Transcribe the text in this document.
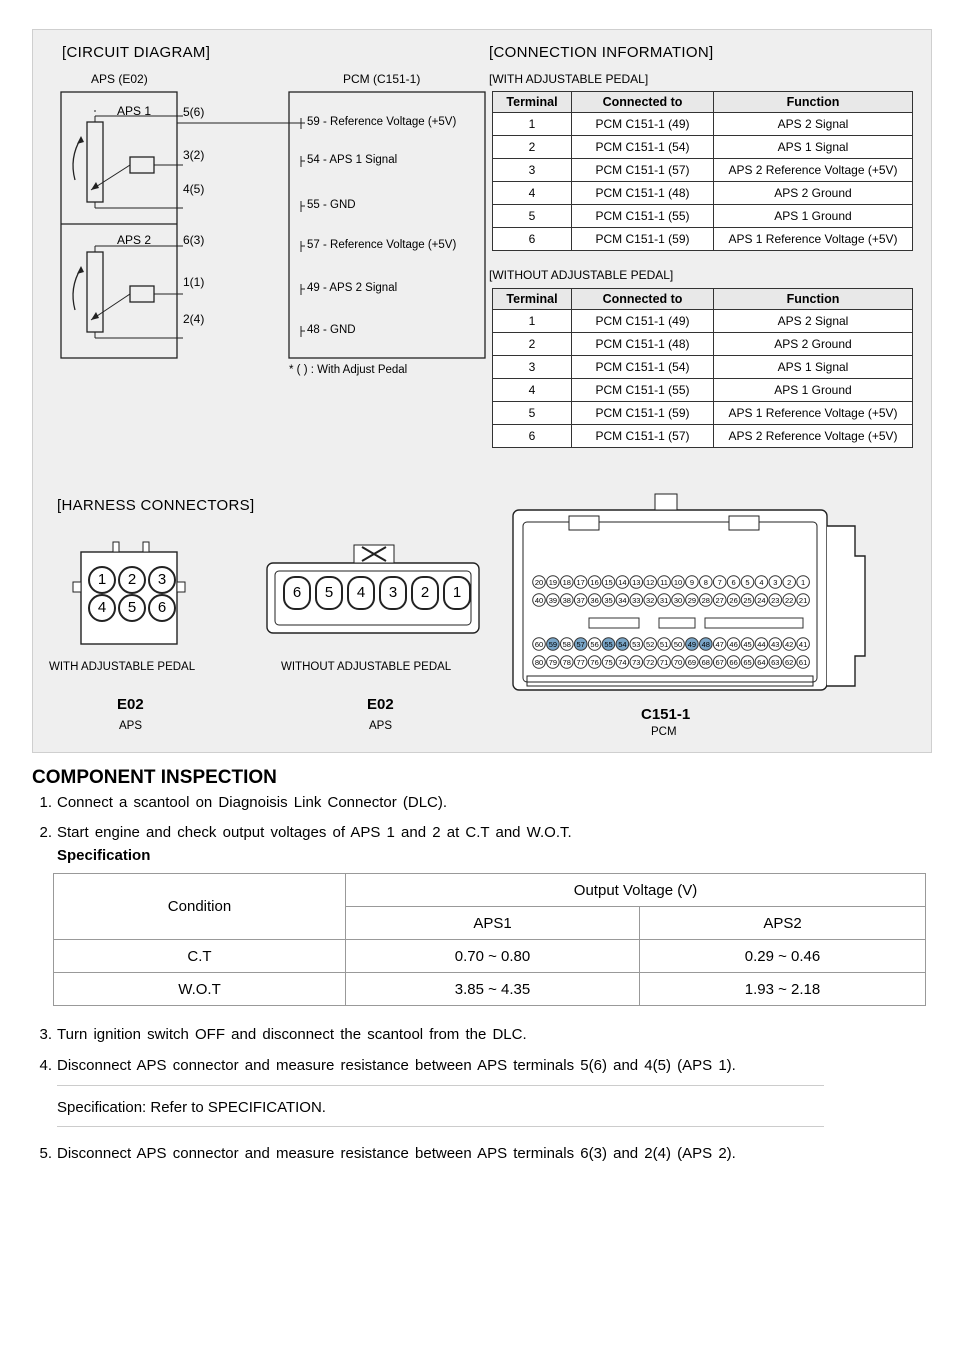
[CIRCUIT DIAGRAM]
APS (E02)	PCM (C151-1)
APS 1
APS 2
5(6)
3(2)
4(5)
6(3)
1(1)
2(4)
59 - Reference Voltage (+5V)
54 - APS 1 Signal
55 - GND
57 - Reference Voltage (+5V)
49 - APS 2 Signal
48 - GND
* ( ) : With Adjust Pedal
[CONNECTION INFORMATION]
[WITH ADJUSTABLE PEDAL]
Terminal	Connected to	Function
1	PCM C151-1 (49)	APS 2 Signal
2	PCM C151-1 (54)	APS 1 Signal
3	PCM C151-1 (57)	APS 2 Reference Voltage (+5V)
4	PCM C151-1 (48)	APS 2 Ground
5	PCM C151-1 (55)	APS 1 Ground
6	PCM C151-1 (59)	APS 1 Reference Voltage (+5V)
[WITHOUT ADJUSTABLE PEDAL]
Terminal	Connected to	Function
1	PCM C151-1 (49)	APS 2 Signal
2	PCM C151-1 (48)	APS 2 Ground
3	PCM C151-1 (54)	APS 1 Signal
4	PCM C151-1 (55)	APS 1 Ground
5	PCM C151-1 (59)	APS 1 Reference Voltage (+5V)
6	PCM C151-1 (57)	APS 2 Reference Voltage (+5V)
[HARNESS CONNECTORS]
1	2	3
4	5	6
6	5	4	3	2	1
WITH ADJUSTABLE PEDAL	WITHOUT ADJUSTABLE PEDAL
E02
APS
E02
APS
20 19 18 17 16 15 14 13 12 11 10 9 8 7 6 5 4 3 2 1
40 39 38 37 36 35 34 33 32 31 30 29 28 27 26 25 24 23 22 21
60 59 58 57 56 55 54 53 52 51 50 49 48 47 46 45 44 43 42 41
80 79 78 77 76 75 74 73 72 71 70 69 68 67 66 65 64 63 62 61
C151-1
PCM
COMPONENT INSPECTION
1. Connect a scantool on Diagnoisis Link Connector (DLC).
2. Start engine and check output voltages of APS 1 and 2 at C.T and W.O.T.
Specification
Condition	Output Voltage (V)	
	APS1	APS2
C.T	0.70 ~ 0.80	0.29 ~ 0.46
W.O.T	3.85 ~ 4.35	1.93 ~ 2.18
3. Turn ignition switch OFF and disconnect the scantool from the DLC.
4. Disconnect APS connector and measure resistance between APS terminals 5(6) and 4(5) (APS 1).
Specification: Refer to SPECIFICATION.
5. Disconnect APS connector and measure resistance between APS terminals 6(3) and 2(4) (APS 2).
